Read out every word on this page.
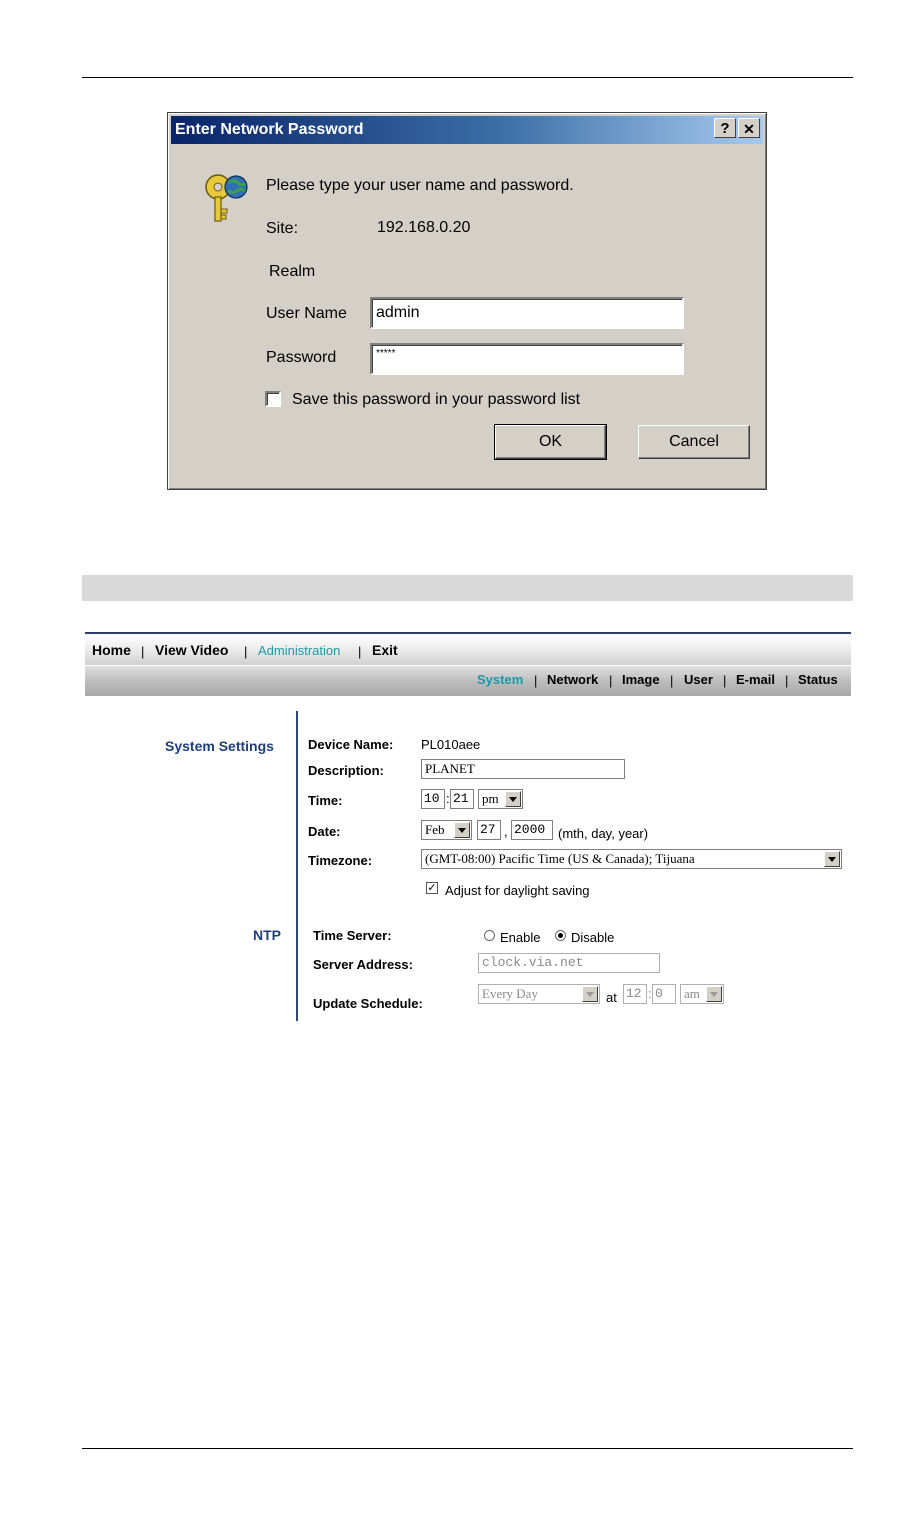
Enter Network Password	? ✕
Please type your user name and password.
Site:	192.168.0.20
Realm
User Name	admin
Password	*****
Save this password in your password list
OK	Cancel
Home | View Video | Administration | Exit
System | Network | Image | User | E-mail | Status
System Settings	Device Name: PL010aee
Description:	PLANET
Time:	10 : 21	pm
Date:	Feb	27 , 2000 (mth, day, year)
Timezone:	(GMT-08:00) Pacific Time (US & Canada); Tijuana
✓ Adjust for daylight saving
NTP Time Server:	Enable Disable
Server Address:	clock.via.net
Update Schedule:
Every Day	at 12 : 0	am
